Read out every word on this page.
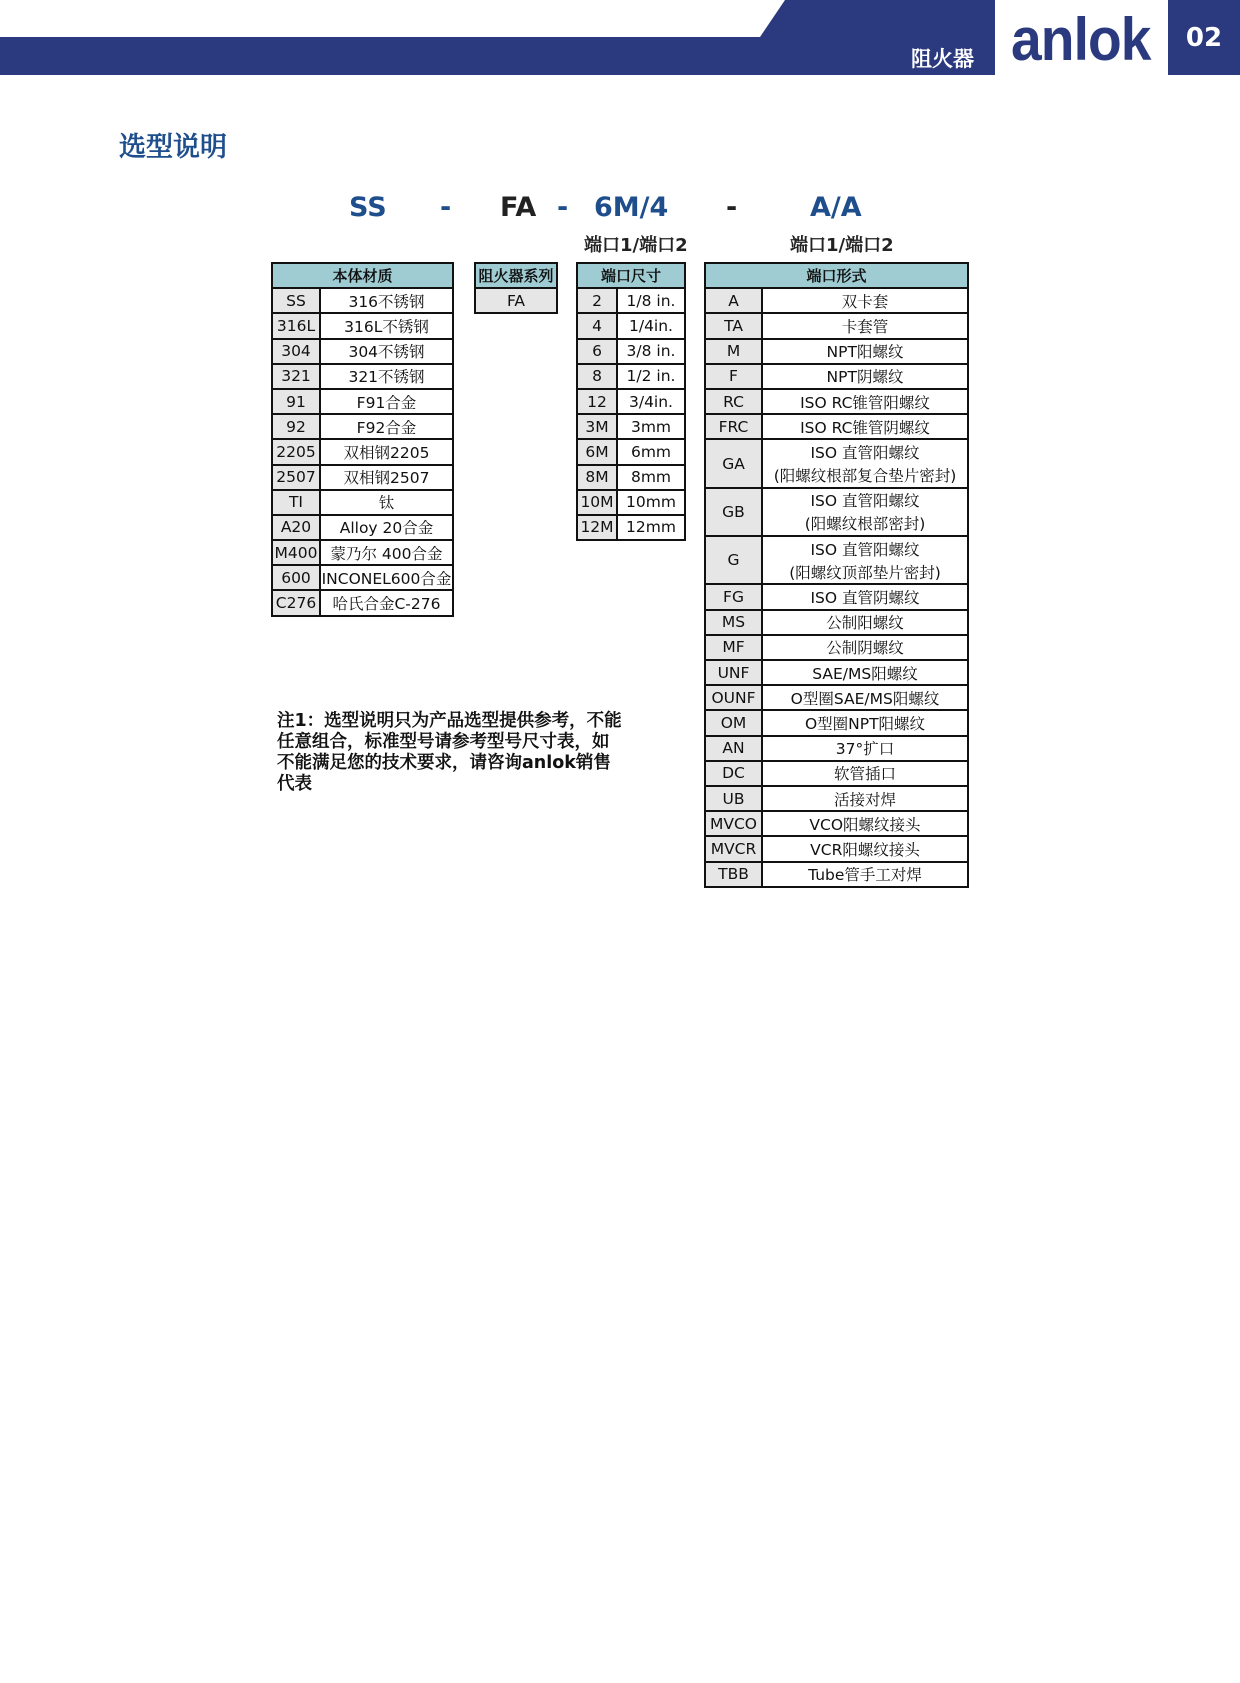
阻火器 anlok	02
选型说明
SS - FA - 6M/4 -	A/A
端口1/端口2	端口1/端口2
本体材质	
SS	316不锈钢
316L	316L不锈钢
304	304不锈钢
321	321不锈钢
91	F91合金
92	F92合金
2205	双相钢2205
2507	双相钢2507
TI	钛
A20	Alloy 20合金
M400	蒙乃尔 400合金
600	INCONEL600合金
C276	哈氏合金C-276
阻火器系列
FA
端口尺寸	
2	1/8 in.
4	1/4in.
6	3/8 in.
8	1/2 in.
12	3/4in.
3M	3mm
6M	6mm
8M	8mm
10M	10mm
12M	12mm
端口形式	
A	双卡套
TA	卡套管
M	NPT阳螺纹
F	NPT阴螺纹
RC	ISO RC锥管阳螺纹
FRC	ISO RC锥管阴螺纹
GA	ISO 直管阳螺纹
	(阳螺纹根部复合垫片密封)
GB	ISO 直管阳螺纹
	(阳螺纹根部密封)
G	ISO 直管阳螺纹
	(阳螺纹顶部垫片密封)
FG	ISO 直管阴螺纹
MS	公制阳螺纹
MF	公制阴螺纹
UNF	SAE/MS阳螺纹
OUNF	O型圈SAE/MS阳螺纹
OM	O型圈NPT阳螺纹
AN	37°扩口
DC	软管插口
UB	活接对焊
MVCO	VCO阳螺纹接头
MVCR	VCR阳螺纹接头
TBB	Tube管手工对焊
注1：选型说明只为产品选型提供参考，不能任意组合，标准型号请参考型号尺寸表，如不能满足您的技术要求，请咨询anlok销售代表
